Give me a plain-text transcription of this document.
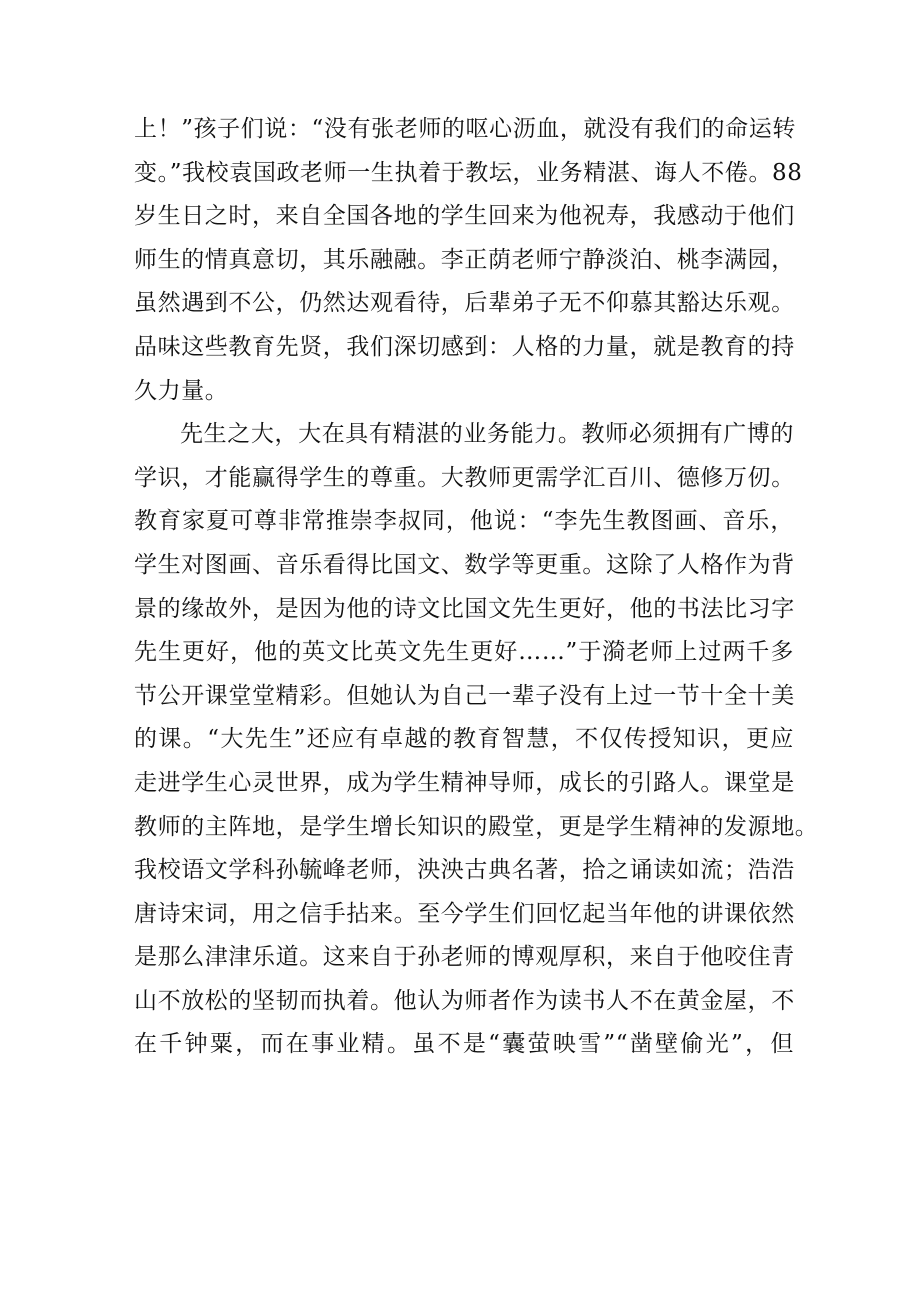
上！”孩子们说：“没有张老师的呕心沥血，就没有我们的命运转
变。”我校袁国政老师一生执着于教坛，业务精湛、诲人不倦。88
岁生日之时，来自全国各地的学生回来为他祝寿，我感动于他们
师生的情真意切，其乐融融。李正荫老师宁静淡泊、桃李满园，
虽然遇到不公，仍然达观看待，后辈弟子无不仰慕其豁达乐观。
品味这些教育先贤，我们深切感到：人格的力量，就是教育的持
久力量。
先生之大，大在具有精湛的业务能力。教师必须拥有广博的
学识，才能赢得学生的尊重。大教师更需学汇百川、德修万仞。
教育家夏可尊非常推崇李叔同，他说：“李先生教图画、音乐，
学生对图画、音乐看得比国文、数学等更重。这除了人格作为背
景的缘故外，是因为他的诗文比国文先生更好，他的书法比习字
先生更好，他的英文比英文先生更好……”于漪老师上过两千多
节公开课堂堂精彩。但她认为自己一辈子没有上过一节十全十美
的课。“大先生”还应有卓越的教育智慧，不仅传授知识，更应
走进学生心灵世界，成为学生精神导师，成长的引路人。课堂是
教师的主阵地，是学生增长知识的殿堂，更是学生精神的发源地。
我校语文学科孙毓峰老师，泱泱古典名著，拾之诵读如流；浩浩
唐诗宋词，用之信手拈来。至今学生们回忆起当年他的讲课依然
是那么津津乐道。这来自于孙老师的博观厚积，来自于他咬住青
山不放松的坚韧而执着。他认为师者作为读书人不在黄金屋，不
在千钟粟，而在事业精。虽不是“囊萤映雪”“凿壁偷光”，但
